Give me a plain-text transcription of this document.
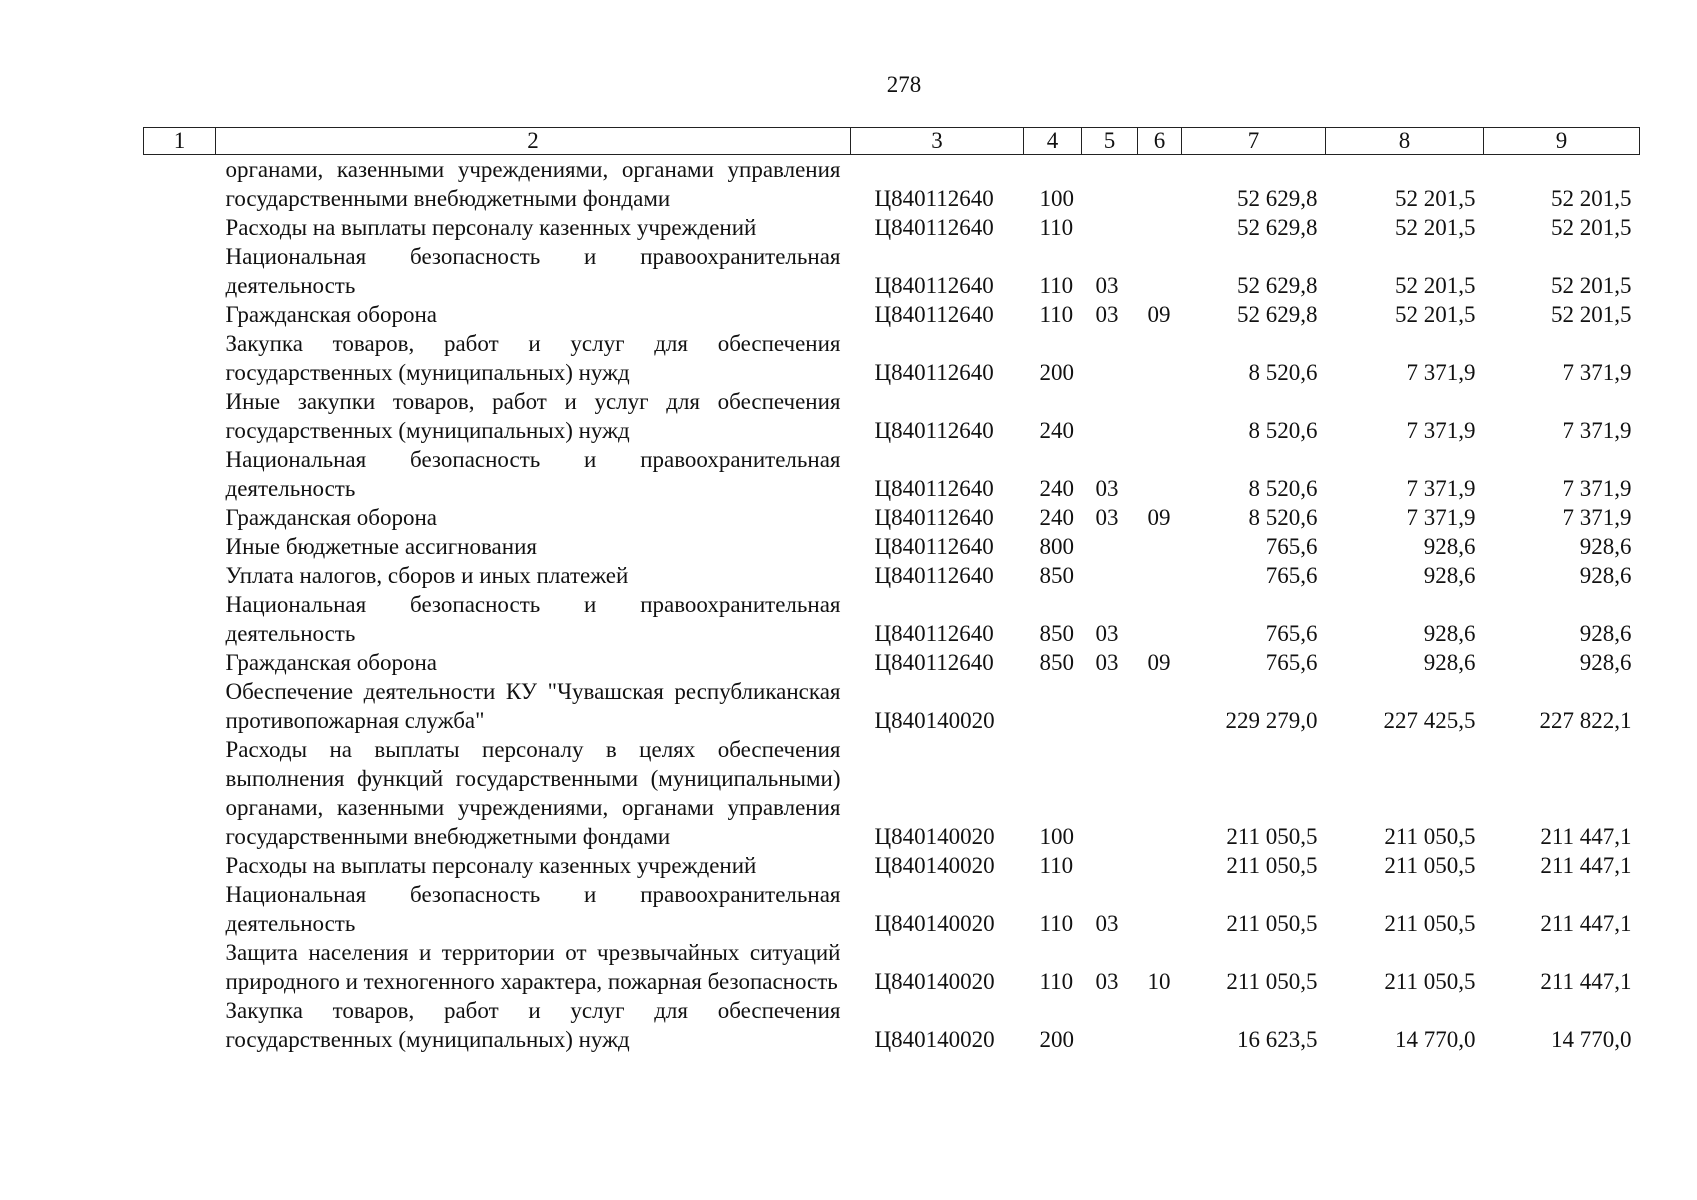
278
1	2	3	4	5	6	7	8	9
	органами, казенными учреждениями, органами управления государственными внебюджетными фондами	Ц840112640	100			52 629,8	52 201,5	52 201,5
	Расходы на выплаты персоналу казенных учреждений	Ц840112640	110			52 629,8	52 201,5	52 201,5
	Национальная безопасность и правоохранительная деятельность	Ц840112640	110	03		52 629,8	52 201,5	52 201,5
	Гражданская оборона	Ц840112640	110	03	09	52 629,8	52 201,5	52 201,5
	Закупка товаров, работ и услуг для обеспечения государственных (муниципальных) нужд	Ц840112640	200			8 520,6	7 371,9	7 371,9
	Иные закупки товаров, работ и услуг для обеспечения государственных (муниципальных) нужд	Ц840112640	240			8 520,6	7 371,9	7 371,9
	Национальная безопасность и правоохранительная деятельность	Ц840112640	240	03		8 520,6	7 371,9	7 371,9
	Гражданская оборона	Ц840112640	240	03	09	8 520,6	7 371,9	7 371,9
	Иные бюджетные ассигнования	Ц840112640	800			765,6	928,6	928,6
	Уплата налогов, сборов и иных платежей	Ц840112640	850			765,6	928,6	928,6
	Национальная безопасность и правоохранительная деятельность	Ц840112640	850	03		765,6	928,6	928,6
	Гражданская оборона	Ц840112640	850	03	09	765,6	928,6	928,6
	Обеспечение деятельности КУ "Чувашская республиканская противопожарная служба"	Ц840140020				229 279,0	227 425,5	227 822,1
	Расходы на выплаты персоналу в целях обеспечения выполнения функций государственными (муниципальными) органами, казенными учреждениями, органами управления государственными внебюджетными фондами	Ц840140020	100			211 050,5	211 050,5	211 447,1
	Расходы на выплаты персоналу казенных учреждений	Ц840140020	110			211 050,5	211 050,5	211 447,1
	Национальная безопасность и правоохранительная деятельность	Ц840140020	110	03		211 050,5	211 050,5	211 447,1
	Защита населения и территории от чрезвычайных ситуаций природного и техногенного характера, пожарная безопасность	Ц840140020	110	03	10	211 050,5	211 050,5	211 447,1
	Закупка товаров, работ и услуг для обеспечения государственных (муниципальных) нужд	Ц840140020	200			16 623,5	14 770,0	14 770,0
